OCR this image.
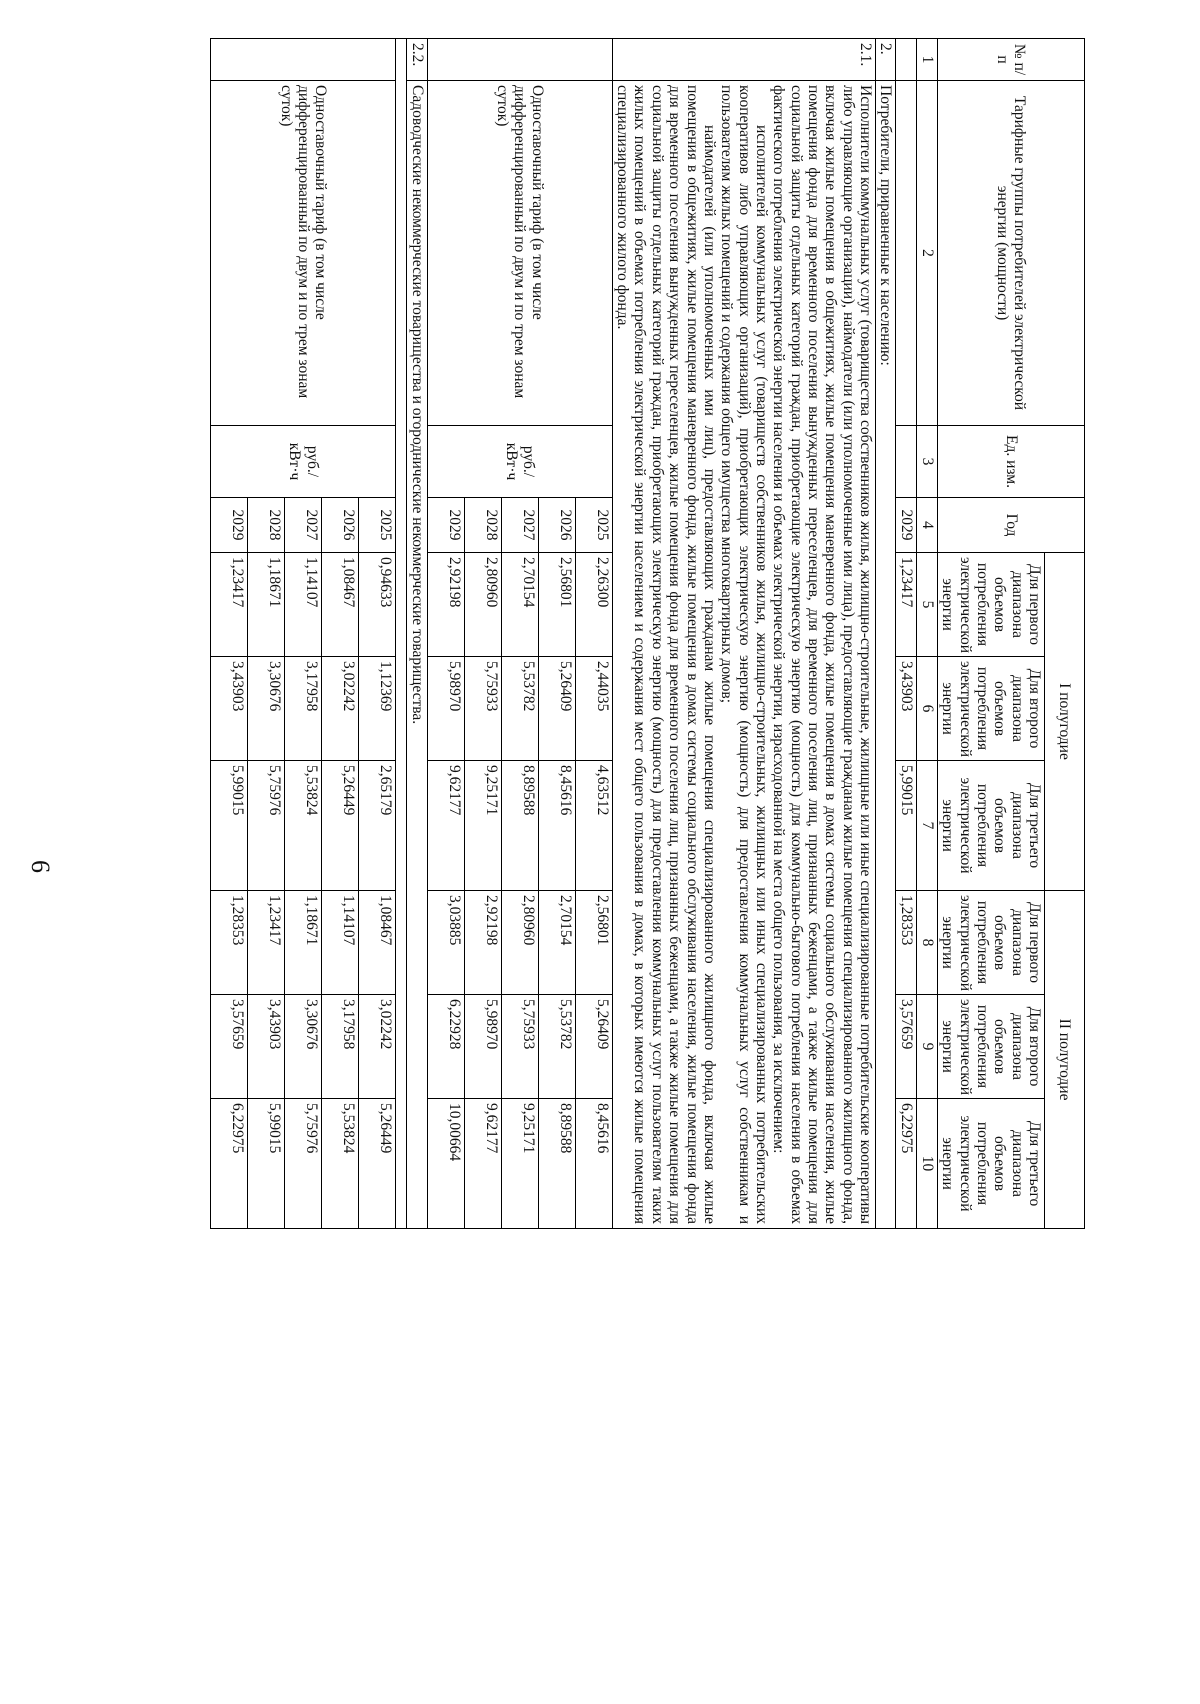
6
№ п/п	Тарифные группы потребителей электрической энергии (мощности)	Ед. изм.	Год	I полугодие			II полугодие			
				Для первого диапазона объемов потребления электрической энергии	Для второго диапазона объемов потребления электрической энергии	Для третьего диапазона объемов потребления электрической энергии	Для первого диапазона объемов потребления электрической энергии	Для второго диапазона объемов потребления электрической энергии	Для третьего диапазона объемов потребления электрической энергии	
1	2	3	4	5	6	7	8	9	10	
			2029	1,23417	3,43903	5,99015	1,28353	3,57659	6,22975	
2.	Потребители, приравненные к населению:									
2.1.	Исполнители коммунальных услуг (товарищества собственников жилья, жилищно-строительные, жилищные или иные специализированные потребительские кооперативы либо управляющие организации), наймодатели (или уполномоченные ими лица), предоставляющие гражданам жилые помещения специализированного жилищного фонда, включая жилые помещения в общежитиях, жилые помещения маневренного фонда, жилые помещения в домах системы социального обслуживания населения, жилые помещения фонда для временного поселения вынужденных переселенцев, для временного поселения лиц, признанных беженцами, а также жилые помещения для социальной защиты отдельных категорий граждан, приобретающие электрическую энергию (мощность) для коммунально-бытового потребления населения в объемах фактического потребления электрической энергии населения и объемах электрической энергии, израсходованной на места общего пользования, за исключением:
исполнителей коммунальных услуг (товариществ собственников жилья, жилищно-строительных, жилищных или иных специализированных потребительских кооперативов либо управляющих организаций), приобретающих электрическую энергию (мощность) для предоставления коммунальных услуг собственникам и пользователям жилых помещений и содержания общего имущества многоквартирных домов;
наймодателей (или уполномоченных ими лиц), предоставляющих гражданам жилые помещения специализированного жилищного фонда, включая жилые помещения в общежитиях, жилые помещения маневренного фонда, жилые помещения в домах системы социального обслуживания населения, жилые помещения фонда для временного поселения вынужденных переселенцев, жилые помещения фонда для временного поселения лиц, признанных беженцами, а также жилые помещения для социальной защиты отдельных категорий граждан, приобретающих электрическую энергию (мощность) для предоставления коммунальных услуг пользователям таких жилых помещений в объемах потребления электрической энергии населением и содержания мест общего пользования в домах, в которых имеются жилые помещения специализированного жилого фонда.									

	Одноставочный тариф (в том числе дифференцированный по двум и по трем зонам суток)	руб./ кВт·ч	2025	2,26300	2,44035	4,63512	2,56801	5,26409	8,45616	
			2026	2,56801	5,26409	8,45616	2,70154	5,53782	8,89588	
			2027	2,70154	5,53782	8,89588	2,80960	5,75933	9,25171	
			2028	2,80960	5,75933	9,25171	2,92198	5,98970	9,62177	
			2029	2,92198	5,98970	9,62177	3,03885	6,22928	10,00664	
2.2.	Садоводческие некоммерческие товарищества и огороднические некоммерческие товарищества.									

	Одноставочный тариф (в том числе дифференцированный по двум и по трем зонам суток)	руб./ кВт·ч	2025	0,94633	1,12369	2,65179	1,08467	3,02242	5,26449	
			2026	1,08467	3,02242	5,26449	1,14107	3,17958	5,53824	
			2027	1,14107	3,17958	5,53824	1,18671	3,30676	5,75976	
			2028	1,18671	3,30676	5,75976	1,23417	3,43903	5,99015	
			2029	1,23417	3,43903	5,99015	1,28353	3,57659	6,22975	
